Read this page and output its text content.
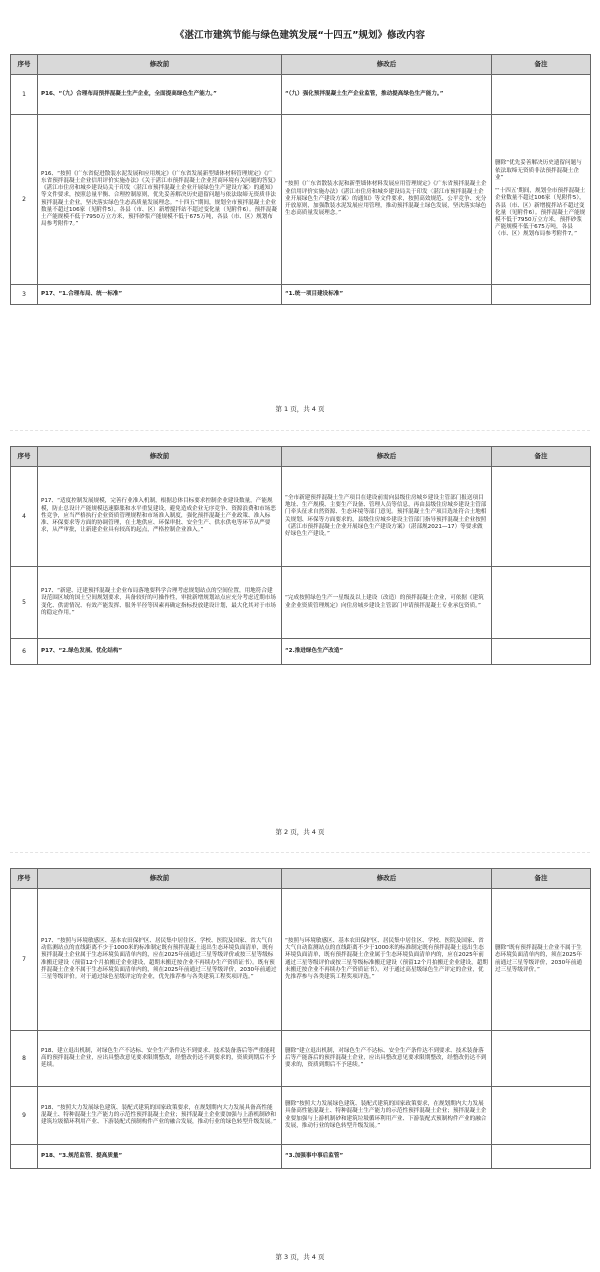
《湛江市建筑节能与绿色建筑发展“十四五”规划》修改内容
序号	修改前	修改后	备注
1	P16、“（九）合理布局预拌混凝土生产企业，全面提高绿色生产能力。”	“（九）强化预拌混凝土生产企业监管，推动提高绿色生产能力。”	
2	P16、“按照《广东省促进散装水泥发展和应用规定》《广东省发展新型墙体材料管理规定》《广东省预拌混凝土企业信用评价实施办法》《关于湛江市预拌混凝土企业营商环境有关问题的答复》《湛江市住房和城乡建设局关于印发〈湛江市预拌混凝土企业开展绿色生产建设方案〉的通知》等文件要求，按照总量平衡、合理控制原则，优先妥善解决历史遗留问题与依法取缔无资质非法预拌混凝土企业，坚决落实绿色生态高质量发展理念。“十四五”期间，规划全市预拌混凝土企业数量不超过106家（见附件5），各县（市、区）新增搅拌站不超过变化量（见附件6）。预拌混凝土产能规模不低于7950万立方米，预拌砂浆产能规模不低于675万吨，各县（市、区）规划布局参考附件7。”	“按照《广东省散装水泥和新型墙体材料发展应用管理规定》《广东省预拌混凝土企业信用评价实施办法》《湛江市住房和城乡建设局关于印发〈湛江市预拌混凝土企业开展绿色生产建设方案〉的通知》等文件要求，按照高效规范、公平竞争、充分开放原则，加强散装水泥发展应用管理，推动预拌混凝土绿色发展，坚决落实绿色生态高质量发展理念。”	删除“优先妥善解决历史遗留问题与依法取缔无资质非法预拌混凝土企业”
“‘十四五’期间，规划全市预拌混凝土企业数量不超过106家（见附件5），各县（市、区）新增搅拌站不超过变化量（见附件6）。预拌混凝土产能规模不低于7950万立方米，预拌砂浆产能规模不低于675万吨，各县（市、区）规划布局参考附件7。”

3	P17、“1.合理布局、统一标准”	“1.统一项目建设标准”	
第 1 页，共 4 页
序号	修改前	修改后	备注
4	P17、“适度控制发展规模，完善行业准入机制，根据总体目标要求控制企业建设数量，产能规模，防止总设计产能规模迅速膨胀和水平重复建设，避免造成企业无序竞争、资源浪费和市场恶性竞争，应当严格执行企业资质管理规程和市场准入制度，强化预拌混凝土产业政策、准入标准、环保要求等方面的协调管理，在土地供应、环保审批、安全生产、供水供电等环节从严要求，从严审批，让新建企业具有较高的起点，严格控制企业准入。”	“全市新建预拌混凝土生产项目在建设前需向县级住房城乡建设主管部门报送项目地址、生产规模、主要生产设备、管理人员等信息，再由县级住房城乡建设主管部门牵头征求自然资源、生态环境等部门意见。预拌混凝土生产项目选址符合土地相关规划、环保等方面要求的，县级住房城乡建设主管部门指导预拌混凝土企业按照《湛江市预拌混凝土企业开展绿色生产建设方案》（湛部规2021—17）等要求做好绿色生产建设。”	
5	P17、“新建、迁建预拌混凝土企业布局落地要科学合理考虑规划站点的空间位置，用地符合建设范围区域的国土空间规划要求，具备较好的可操作性，审批新增规划站点应充分考虑近期市场变化、供需情况、有效产能发挥、服务半径等因素再确定指标投放建设计划，最大化其对于市场的稳定作用。”	“完成按照绿色生产一星级及以上建设（改造）的预拌混凝土企业，可依据《建筑业企业资质管理规定》向住房城乡建设主管部门申请预拌混凝土专业承包资质。”	
6	P17、“2.绿色发展、优化结构”	“2.推进绿色生产改造”	
第 2 页，共 4 页
序号	修改前	修改后	备注
7	P17、“按照与环境敏感区、基本农田保护区、居民集中居住区、学校、医院及国家、省大气自动监测站点的直线距离不少于1000米的标准制定既有预拌混凝土退出生态环境负面清单，既有预拌混凝土企业属于生态环境负面清单内的，应在2025年前通过三星等级评价或按三星等级标准搬迁建设（预留12个月拍搬迁企业建设，超期未搬迁按企业不再续办生产资质证书）。既有预拌混凝土企业不属于生态环境负面清单内的，须在2025年前通过三星等级评价，2030年前通过三星等级评价。对于通过绿色星级评定的企业，优先推荐参与各类建筑工程奖项评选。”	“按照与环境敏感区、基本农田保护区、居民集中居住区、学校、医院及国家、省大气自动监测站点的直线距离不少于1000米的标准制定既有预拌混凝土退出生态环境负面清单，既有预拌混凝土企业属于生态环境负面清单内的，应在2025年前通过三星等级评价或按三星等级标准搬迁建设（预留12个月拍搬迁企业建设，超期未搬迁按企业不再续办生产资质证书）。对于通过高星级绿色生产评定的企业，优先推荐参与各类建筑工程奖项评选。”	删除“既有预拌混凝土企业不属于生态环境负面清单内的，须在2025年前通过三星等级评价，2030年前通过三星等级评价。”

8	P18、建立退出机制，对绿色生产不达标、安全生产条件达不到要求、技术装备落后等严重能耗高的预拌混凝土企业，应出具整改意见要求限期整改，经整改仍达不到要求的，资质到期后不予延续。	删除“建立退出机制，对绿色生产不达标、安全生产条件达不到要求、技术装备落后等产能落后的预拌混凝土企业，应出具整改意见要求限期整改，经整改仍达不到要求的，资质到期后不予延续。”	
9	P18、“按照大力发展绿色建筑、装配式建筑的国家政策要求，在规划期内大力发展具备高性能混凝土、特种混凝土生产能力的示范性预拌混凝土企业；预拌混凝土企业要加强与上游机制砂和建筑垃圾循环利用产业、下游装配式预制构件产业的融合发展，推动行业的绿色转型升级发展。”	删除“按照大力发展绿色建筑、装配式建筑的国家政策要求，在规划期内大力发展具备高性能混凝土、特种混凝土生产能力的示范性预拌混凝土企业；预拌混凝土企业要加强与上游机制砂和建筑垃圾循环利用产业、下游装配式预制构件产业的融合发展，推动行业的绿色转型升级发展。”	
	P18、“3.规范监管、提高质量”	“3.加强事中事后监管”	
第 3 页，共 4 页
